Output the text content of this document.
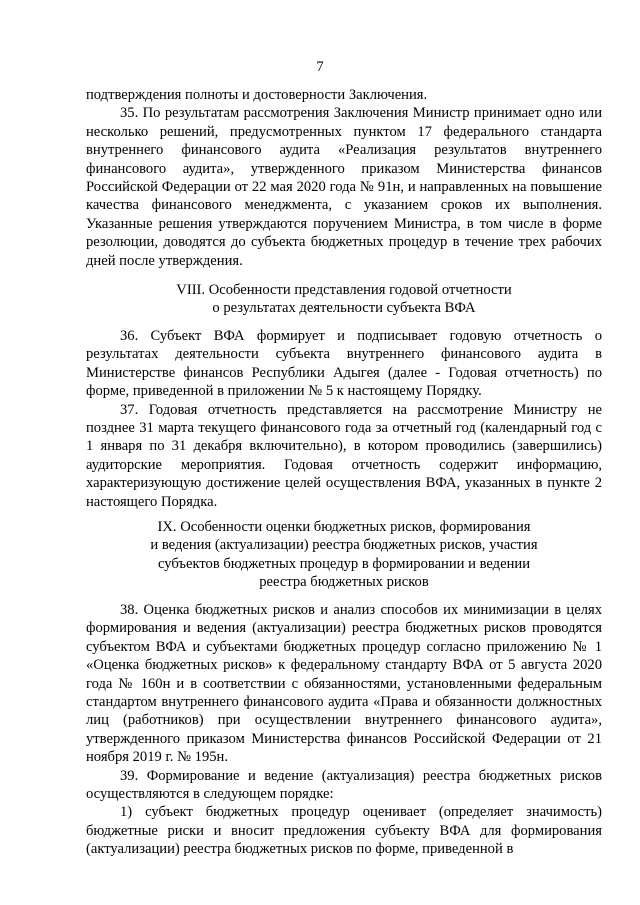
7

подтверждения полноты и достоверности Заключения.

35. По результатам рассмотрения Заключения Министр принимает одно или несколько решений, предусмотренных пунктом 17 федерального стандарта внутреннего финансового аудита «Реализация результатов внутреннего финансового аудита», утвержденного приказом Министерства финансов Российской Федерации от 22 мая 2020 года № 91н, и направленных на повышение качества финансового менеджмента, с указанием сроков их выполнения. Указанные решения утверждаются поручением Министра, в том числе в форме резолюции, доводятся до субъекта бюджетных процедур в течение трех рабочих дней после утверждения.

VIII. Особенности представления годовой отчетности

о результатах деятельности субъекта ВФА

36. Субъект ВФА формирует и подписывает годовую отчетность о результатах деятельности субъекта внутреннего финансового аудита в Министерстве финансов Республики Адыгея (далее - Годовая отчетность) по форме, приведенной в приложении № 5 к настоящему Порядку.

37. Годовая отчетность представляется на рассмотрение Министру не позднее 31 марта текущего финансового года за отчетный год (календарный год с 1 января по 31 декабря включительно), в котором проводились (завершились) аудиторские мероприятия. Годовая отчетность содержит информацию, характеризующую достижение целей осуществления ВФА, указанных в пункте 2 настоящего Порядка.

IX. Особенности оценки бюджетных рисков, формирования

и ведения (актуализации) реестра бюджетных рисков, участия

субъектов бюджетных процедур в формировании и ведении

реестра бюджетных рисков

38. Оценка бюджетных рисков и анализ способов их минимизации в целях формирования и ведения (актуализации) реестра бюджетных рисков проводятся субъектом ВФА и субъектами бюджетных процедур согласно приложению № 1 «Оценка бюджетных рисков» к федеральному стандарту ВФА от 5 августа 2020 года № 160н и в соответствии с обязанностями, установленными федеральным стандартом внутреннего финансового аудита «Права и обязанности должностных лиц (работников) при осуществлении внутреннего финансового аудита», утвержденного приказом Министерства финансов Российской Федерации от 21 ноября 2019 г. № 195н.

39. Формирование и ведение (актуализация) реестра бюджетных рисков осуществляются в следующем порядке:

1) субъект бюджетных процедур оценивает (определяет значимость) бюджетные риски и вносит предложения субъекту ВФА для формирования (актуализации) реестра бюджетных рисков по форме, приведенной в
